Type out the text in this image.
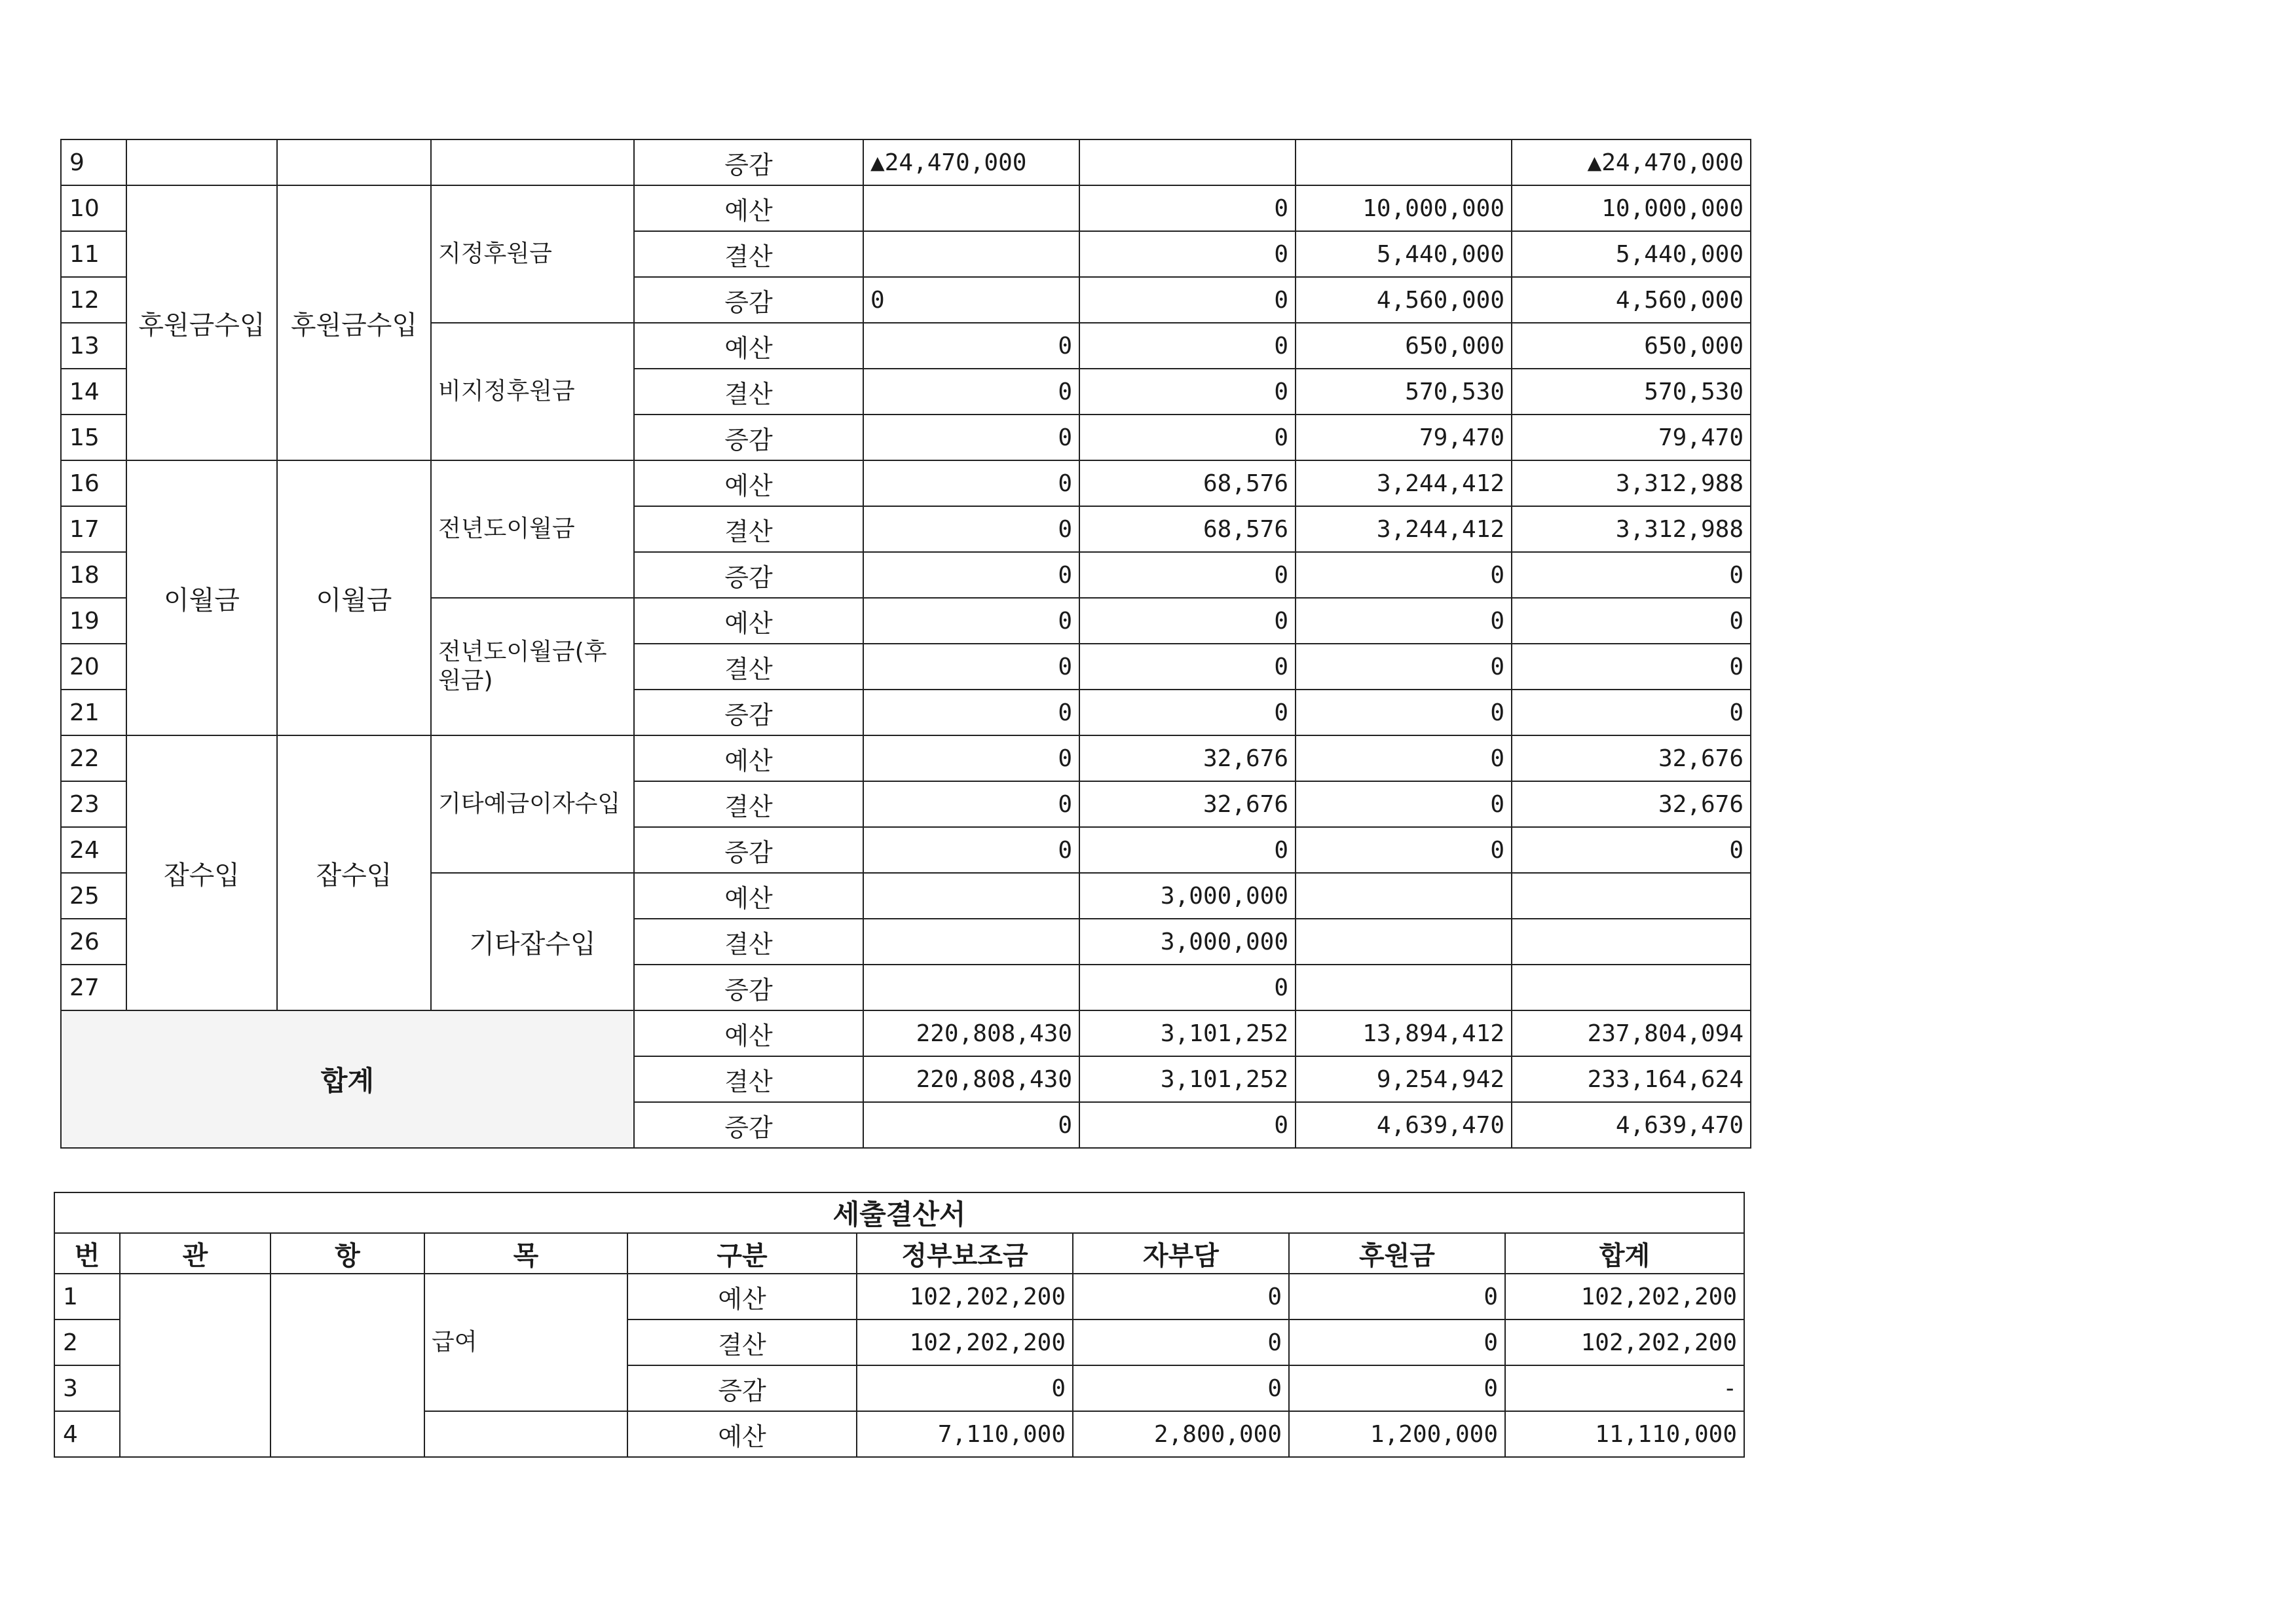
9				증감	▲24,470,000			▲24,470,000
10	후원금수입	후원금수입	지정후원금	예산		0	10,000,000	10,000,000
11				결산		0	5,440,000	5,440,000
12				증감	0	0	4,560,000	4,560,000
13			비지정후원금	예산	0	0	650,000	650,000
14				결산	0	0	570,530	570,530
15				증감	0	0	79,470	79,470
16	이월금	이월금	전년도이월금	예산	0	68,576	3,244,412	3,312,988
17				결산	0	68,576	3,244,412	3,312,988
18				증감	0	0	0	0
19			전년도이월금(후원금)	예산	0	0	0	0
20				결산	0	0	0	0
21				증감	0	0	0	0
22	잡수입	잡수입	기타예금이자수입	예산	0	32,676	0	32,676
23				결산	0	32,676	0	32,676
24				증감	0	0	0	0
25			기타잡수입	예산		3,000,000		
26				결산		3,000,000		
27				증감		0		
합계				예산	220,808,430	3,101,252	13,894,412	237,804,094
				결산	220,808,430	3,101,252	9,254,942	233,164,624
				증감	0	0	4,639,470	4,639,470
세출결산서								
번	관	항	목	구분	정부보조금	자부담	후원금	합계
1			급여	예산	102,202,200	0	0	102,202,200
2				결산	102,202,200	0	0	102,202,200
3				증감	0	0	0	-
4				예산	7,110,000	2,800,000	1,200,000	11,110,000
